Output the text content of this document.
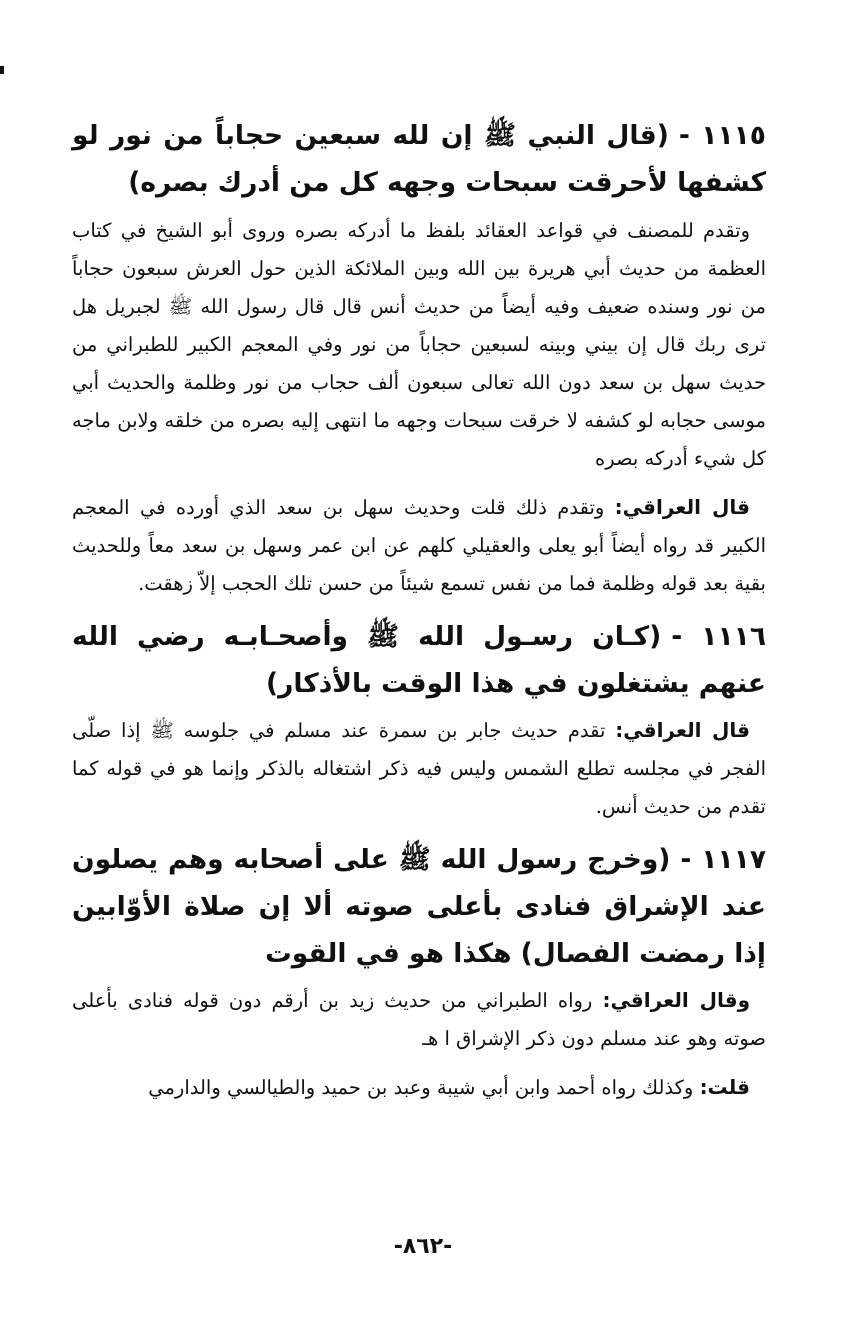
١١١٥ -(قال النبي ﷺ إن لله سبعين حجاباً من نور لو كشفها لأحرقت سبحات وجهه كل من أدرك بصره)

وتقدم للمصنف في قواعد العقائد بلفظ ما أدركه بصره وروى أبو الشيخ في كتاب العظمة من حديث أبي هريرة بين الله وبين الملائكة الذين حول العرش سبعون حجاباً من نور وسنده ضعيف وفيه أيضاً من حديث أنس قال قال رسول الله ﷺ لجبريل هل ترى ربك قال إن بيني وبينه لسبعين حجاباً من نور وفي المعجم الكبير للطبراني من حديث سهل بن سعد دون الله تعالى سبعون ألف حجاب من نور وظلمة والحديث أبي موسى حجابه لو كشفه لا خرقت سبحات وجهه ما انتهى إليه بصره من خلقه ولابن ماجه كل شيء أدركه بصره

قال العراقي: وتقدم ذلك قلت وحديث سهل بن سعد الذي أورده في المعجم الكبير قد رواه أيضاً أبو يعلى والعقيلي كلهم عن ابن عمر وسهل بن سعد معاً وللحديث بقية بعد قوله وظلمة فما من نفس تسمع شيئاً من حسن تلك الحجب إلاّ زهقت.

١١١٦ -(كـان رسـول الله ﷺ وأصحـابـه رضي الله عنهم يشتغلون في هذا الوقت بالأذكار)

قال العراقي: تقدم حديث جابر بن سمرة عند مسلم في جلوسه ﷺ إذا صلّى الفجر في مجلسه تطلع الشمس وليس فيه ذكر اشتغاله بالذكر وإنما هو في قوله كما تقدم من حديث أنس.

١١١٧ -(وخرج رسول الله ﷺ على أصحابه وهم يصلون عند الإشراق فنادى بأعلى صوته ألا إن صلاة الأوّابين إذا رمضت الفصال) هكذا هو في القوت

وقال العراقي: رواه الطبراني من حديث زيد بن أرقم دون قوله فنادى بأعلى صوته وهو عند مسلم دون ذكر الإشراق ا هـ

قلت: وكذلك رواه أحمد وابن أبي شيبة وعبد بن حميد والطيالسي والدارمي

-٨٦٢-
